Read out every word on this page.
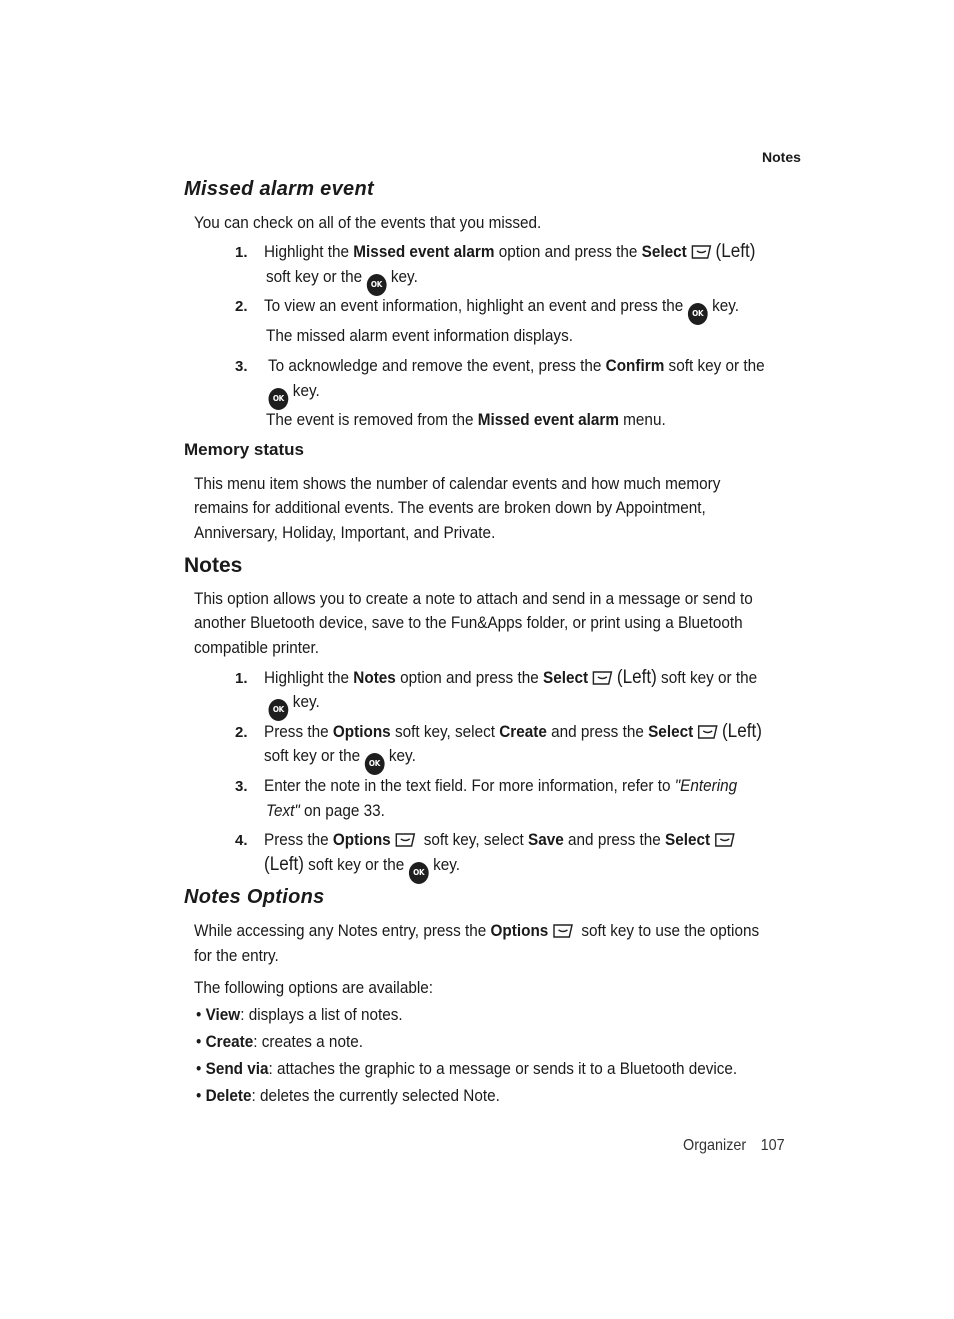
Notes
Missed alarm event
You can check on all of the events that you missed.
1. Highlight the Missed event alarm option and press the Select (Left)
soft key or the OK key.
2. To view an event information, highlight an event and press the OK key.
The missed alarm event information displays.
3. To acknowledge and remove the event, press the Confirm soft key or the
OK key.
The event is removed from the Missed event alarm menu.
Memory status
This menu item shows the number of calendar events and how much memory
remains for additional events. The events are broken down by Appointment,
Anniversary, Holiday, Important, and Private.
Notes
This option allows you to create a note to attach and send in a message or send to
another Bluetooth device, save to the Fun&Apps folder, or print using a Bluetooth
compatible printer.
1. Highlight the Notes option and press the Select (Left) soft key or the
OK key.
2. Press the Options soft key, select Create and press the Select (Left)
soft key or the OK key.
3. Enter the note in the text field. For more information, refer to "Entering
Text" on page 33.
4. Press the Options soft key, select Save and press the Select
(Left) soft key or the OK key.
Notes Options
While accessing any Notes entry, press the Options soft key to use the options
for the entry.
The following options are available:
• View: displays a list of notes.
• Create: creates a note.
• Send via: attaches the graphic to a message or sends it to a Bluetooth device.
• Delete: deletes the currently selected Note.
Organizer 107
